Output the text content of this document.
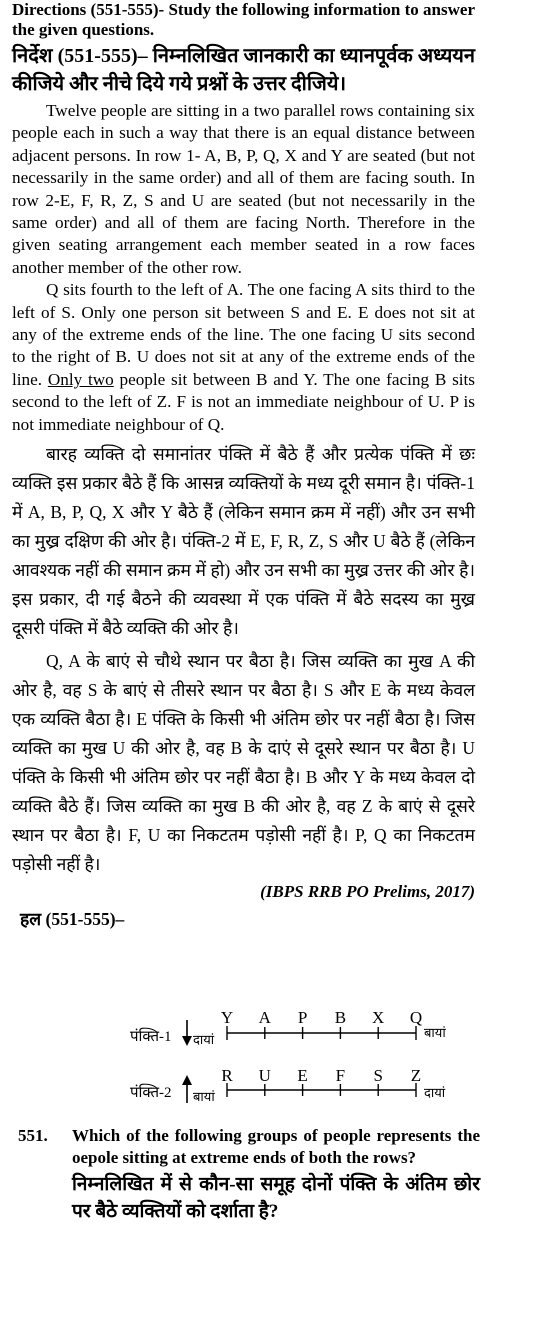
Directions (551-555)- Study the following information to answer the given questions.

निर्देश (551-555)– निम्नलिखित जानकारी का ध्यानपूर्वक अध्ययन कीजिये और नीचे दिये गये प्रश्नों के उत्तर दीजिये।

Twelve people are sitting in a two parallel rows containing six people each in such a way that there is an equal distance between adjacent persons. In row 1- A, B, P, Q, X and Y are seated (but not necessarily in the same order) and all of them are facing south. In row 2-E, F, R, Z, S and U are seated (but not necessarily in the same order) and all of them are facing North. Therefore in the given seating arrangement each member seated in a row faces another member of the other row.

Q sits fourth to the left of A. The one facing A sits third to the left of S. Only one person sit between S and E. E does not sit at any of the extreme ends of the line. The one facing U sits second to the right of B. U does not sit at any of the extreme ends of the line. Only two people sit between B and Y. The one facing B sits second to the left of Z. F is not an immediate neighbour of U. P is not immediate neighbour of Q.

बारह व्यक्ति दो समानांतर पंक्ति में बैठे हैं और प्रत्येक पंक्ति में छः व्यक्ति इस प्रकार बैठे हैं कि आसन्न व्यक्तियों के मध्य दूरी समान है। पंक्ति-1 में A, B, P, Q, X और Y बैठे हैं (लेकिन समान क्रम में नहीं) और उन सभी का मुख्र दक्षिण की ओर है। पंक्ति-2 में E, F, R, Z, S और U बैठे हैं (लेकिन आवश्यक नहीं की समान क्रम में हो) और उन सभी का मुख्र उत्तर की ओर है। इस प्रकार, दी गई बैठने की व्यवस्था में एक पंक्ति में बैठे सदस्य का मुख्र दूसरी पंक्ति में बैठे व्यक्ति की ओर है।

Q, A के बाएं से चौथे स्थान पर बैठा है। जिस व्यक्ति का मुख A की ओर है, वह S के बाएं से तीसरे स्थान पर बैठा है। S और E के मध्य केवल एक व्यक्ति बैठा है। E पंक्ति के किसी भी अंतिम छोर पर नहीं बैठा है। जिस व्यक्ति का मुख U की ओर है, वह B के दाएं से दूसरे स्थान पर बैठा है। U पंक्ति के किसी भी अंतिम छोर पर नहीं बैठा है। B और Y के मध्य केवल दो व्यक्ति बैठे हैं। जिस व्यक्ति का मुख B की ओर है, वह Z के बाएं से दूसरे स्थान पर बैठा है। F, U का निकटतम पड़ोसी नहीं है। P, Q का निकटतम पड़ोसी नहीं है।

(IBPS RRB PO Prelims, 2017)

हल (551-555)–

पंक्ति-1 दायां
Y A P B X Q
बायां
पंक्ति-2 बायां
R U E F S Z
दायां
551.	Which of the following groups of people represents the oepole sitting at extreme ends of both the rows?

निम्नलिखित में से कौन-सा समूह दोनों पंक्ति के अंतिम छोर पर बैठे व्यक्तियों को दर्शाता है?
